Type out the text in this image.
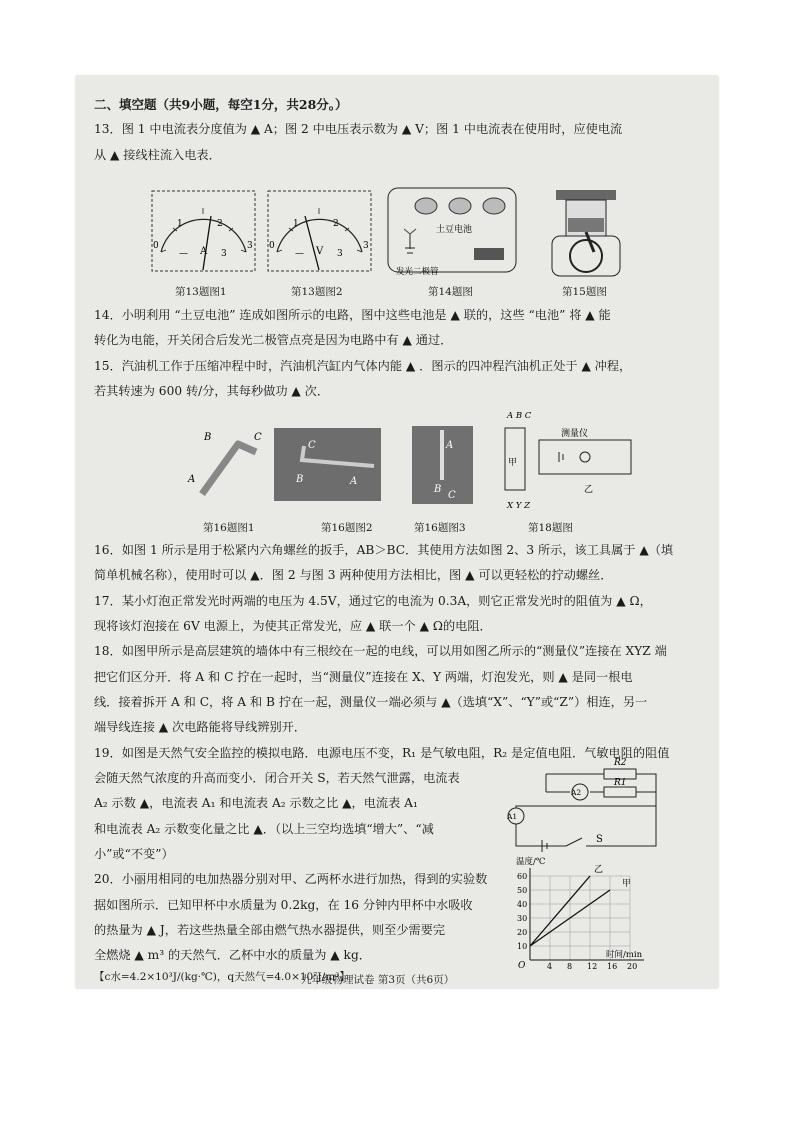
二、填空题（共9小题，每空1分，共28分。）
13．图 1 中电流表分度值为 ▲ A；图 2 中电压表示数为 ▲ V；图 1 中电流表在使用时，应使电流
从 ▲ 接线柱流入电表．
0
1	2
3
A
—	3
0
1	2
3
V
—	3
土豆电池
发光二极管
第13题图1	第13题图2	第14题图	第15题图
14．小明利用 “土豆电池” 连成如图所示的电路，图中这些电池是 ▲ 联的，这些 “电池” 将 ▲ 能
转化为电能，开关闭合后发光二极管点亮是因为电路中有 ▲ 通过．
15．汽油机工作于压缩冲程中时，汽油机汽缸内气体内能 ▲ ．图示的四冲程汽油机正处于 ▲ 冲程，
若其转速为 600 转/分，其每秒做功 ▲ 次．
B	C
A
C
B	A
A
B
C
A B C
甲
X Y Z
测量仪
乙
第16题图1	第16题图2	第16题图3	第18题图
16．如图 1 所示是用于松紧内六角螺丝的扳手，AB＞BC．其使用方法如图 2、3 所示，该工具属于 ▲（填
简单机械名称），使用时可以 ▲．图 2 与图 3 两种使用方法相比，图 ▲ 可以更轻松的拧动螺丝．
17．某小灯泡正常发光时两端的电压为 4.5V，通过它的电流为 0.3A，则它正常发光时的阻值为 ▲ Ω，
现将该灯泡接在 6V 电源上，为使其正常发光，应 ▲ 联一个 ▲ Ω的电阻．
18．如图甲所示是高层建筑的墙体中有三根绞在一起的电线，可以用如图乙所示的“测量仪”连接在 XYZ 端
把它们区分开．将 A 和 C 拧在一起时，当“测量仪”连接在 X、Y 两端，灯泡发光，则 ▲ 是同一根电
线．接着拆开 A 和 C，将 A 和 B 拧在一起，测量仪一端必须与 ▲（选填“X”、“Y”或“Z”）相连，另一
端导线连接 ▲ 次电路能将导线辨别开．
19．如图是天然气安全监控的模拟电路．电源电压不变，R₁ 是气敏电阻，R₂ 是定值电阻．气敏电阻的阻值
会随天然气浓度的升高而变小．闭合开关 S，若天然气泄露，电流表
A₂ 示数 ▲，电流表 A₁ 和电流表 A₂ 示数之比 ▲，电流表 A₁
和电流表 A₂ 示数变化量之比 ▲．（以上三空均选填“增大”、“减
小”或“不变”）
R2
R1
A2
A1
S
20．小丽用相同的电加热器分别对甲、乙两杯水进行加热，得到的实验数
据如图所示．已知甲杯中水质量为 0.2kg，在 16 分钟内甲杯中水吸收
的热量为 ▲ J，若这些热量全部由燃气热水器提供，则至少需要完
全燃烧 ▲ m³ 的天然气．乙杯中水的质量为 ▲ kg．
【c水=4.2×10³J/(kg·℃)，q天然气=4.0×10⁷J/m³】
温度/℃
时间/min
O
甲
乙
4 8 12 16 20
10
20
30
40
50
60
九年级物理试卷 第3页（共6页）
